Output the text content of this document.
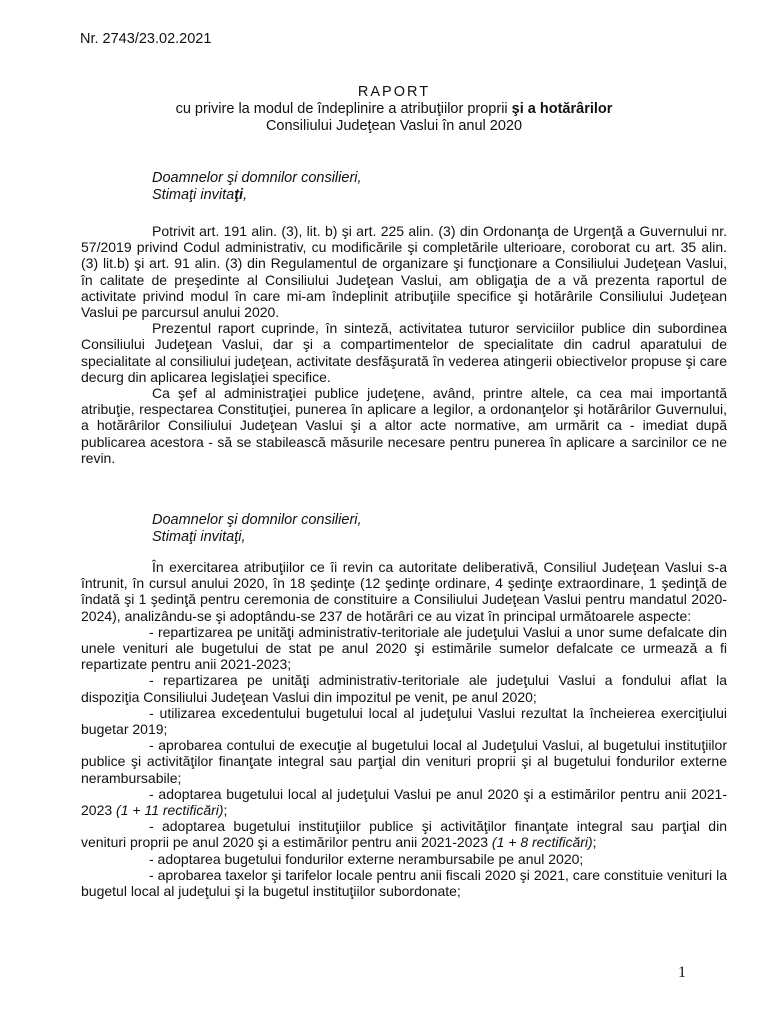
Nr. 2743/23.02.2021
RAPORT
cu privire la modul de îndeplinire a atribuţiilor proprii şi a hotărârilor
Consiliului Judeţean Vaslui în anul 2020
Doamnelor şi domnilor consilieri,
Stimaţi invitaţi,

Potrivit art. 191 alin. (3), lit. b) şi art. 225 alin. (3) din Ordonanţa de Urgenţă a Guvernului nr. 57/2019 privind Codul administrativ, cu modificările şi completările ulterioare, coroborat cu art. 35 alin.(3) lit.b) şi art. 91 alin. (3) din Regulamentul de organizare şi funcţionare a Consiliului Judeţean Vaslui, în calitate de preşedinte al Consiliului Judeţean Vaslui, am obligaţia de a vă prezenta raportul de activitate privind modul în care mi-am îndeplinit atribuţiile specifice şi hotărârile Consiliului Judeţean Vaslui pe parcursul anului 2020.

Prezentul raport cuprinde, în sinteză, activitatea tuturor serviciilor publice din subordinea Consiliului Judeţean Vaslui, dar şi a compartimentelor de specialitate din cadrul aparatului de specialitate al consiliului judeţean, activitate desfăşurată în vederea atingerii obiectivelor propuse şi care decurg din aplicarea legislaţiei specifice.

Ca şef al administraţiei publice judeţene, având, printre altele, ca cea mai importantă atribuţie, respectarea Constituţiei, punerea în aplicare a legilor, a ordonanţelor şi hotărârilor Guvernului, a hotărârilor Consiliului Judeţean Vaslui şi a altor acte normative, am urmărit ca - imediat după publicarea acestora - să se stabilească măsurile necesare pentru punerea în aplicare a sarcinilor ce ne revin.

Doamnelor şi domnilor consilieri,
Stimaţi invitaţi,

În exercitarea atribuţiilor ce îi revin ca autoritate deliberativă, Consiliul Judeţean Vaslui s-a întrunit, în cursul anului 2020, în 18 şedinţe (12 şedinţe ordinare, 4 şedinţe extraordinare, 1 şedinţă de îndată şi 1 şedinţă pentru ceremonia de constituire a Consiliului Judeţean Vaslui pentru mandatul 2020-2024), analizându-se şi adoptându-se 237 de hotărâri ce au vizat în principal următoarele aspecte:

- repartizarea pe unităţi administrativ-teritoriale ale judeţului Vaslui a unor sume defalcate din unele venituri ale bugetului de stat pe anul 2020 şi estimările sumelor defalcate ce urmează a fi repartizate pentru anii 2021-2023;

- repartizarea pe unităţi administrativ-teritoriale ale judeţului Vaslui a fondului aflat la dispoziţia Consiliului Judeţean Vaslui din impozitul pe venit, pe anul 2020;

- utilizarea excedentului bugetului local al judeţului Vaslui rezultat la încheierea exerciţiului bugetar 2019;

- aprobarea contului de execuţie al bugetului local al Judeţului Vaslui, al bugetului instituţiilor publice şi activităţilor finanţate integral sau parţial din venituri proprii şi al bugetului fondurilor externe nerambursabile;

- adoptarea bugetului local al judeţului Vaslui pe anul 2020 şi a estimărilor pentru anii 2021-2023 (1 + 11 rectificări);

- adoptarea bugetului instituţiilor publice şi activităţilor finanţate integral sau parţial din venituri proprii pe anul 2020 şi a estimărilor pentru anii 2021-2023 (1 + 8 rectificări);

- adoptarea bugetului fondurilor externe nerambursabile pe anul 2020;

- aprobarea taxelor şi tarifelor locale pentru anii fiscali 2020 şi 2021, care constituie venituri la bugetul local al judeţului şi la bugetul instituţiilor subordonate;

1
